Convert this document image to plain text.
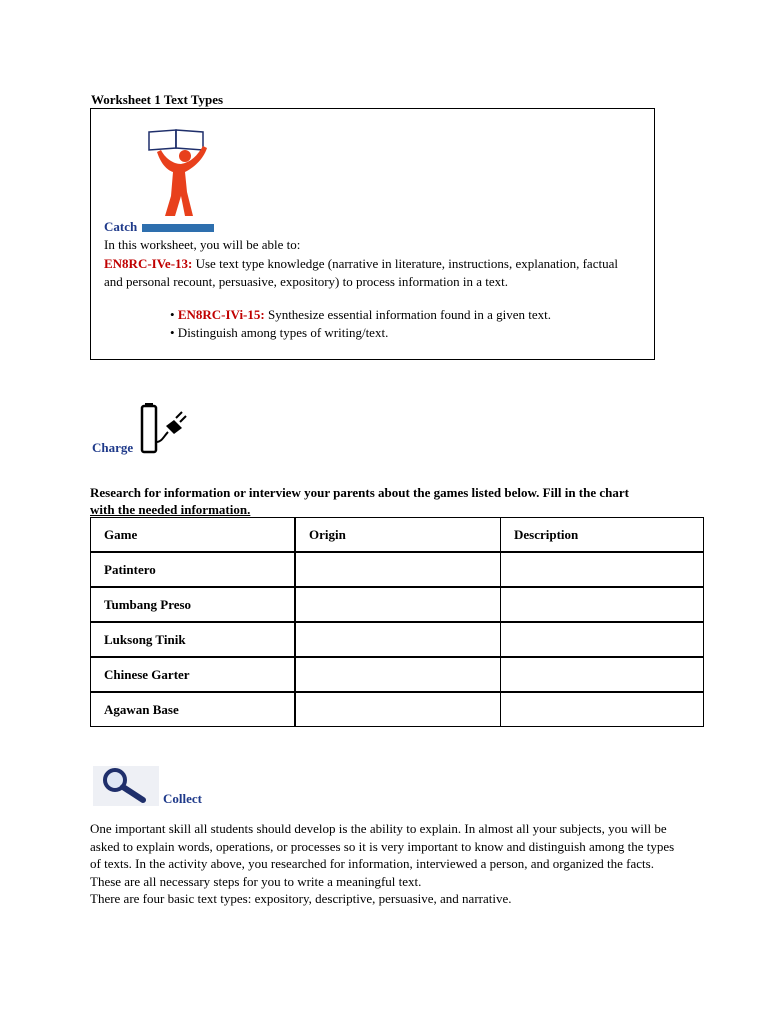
Worksheet 1 Text Types
Catch
In this worksheet, you will be able to:
EN8RC-IVe-13: Use text type knowledge (narrative in literature, instructions, explanation, factual and personal recount, persuasive, expository) to process information in a text.
• EN8RC-IVi-15: Synthesize essential information found in a given text.
• Distinguish among types of writing/text.
Charge
Research for information or interview your parents about the games listed below. Fill in the chart
with the needed information.
Game	Origin	Description
Patintero		
Tumbang Preso		
Luksong Tinik		
Chinese Garter		
Agawan Base		
Collect
One important skill all students should develop is the ability to explain. In almost all your subjects, you will be asked to explain words, operations, or processes so it is very important to know and distinguish among the types of texts. In the activity above, you researched for information, interviewed a person, and organized the facts. These are all necessary steps for you to write a meaningful text.
There are four basic text types: expository, descriptive, persuasive, and narrative.
